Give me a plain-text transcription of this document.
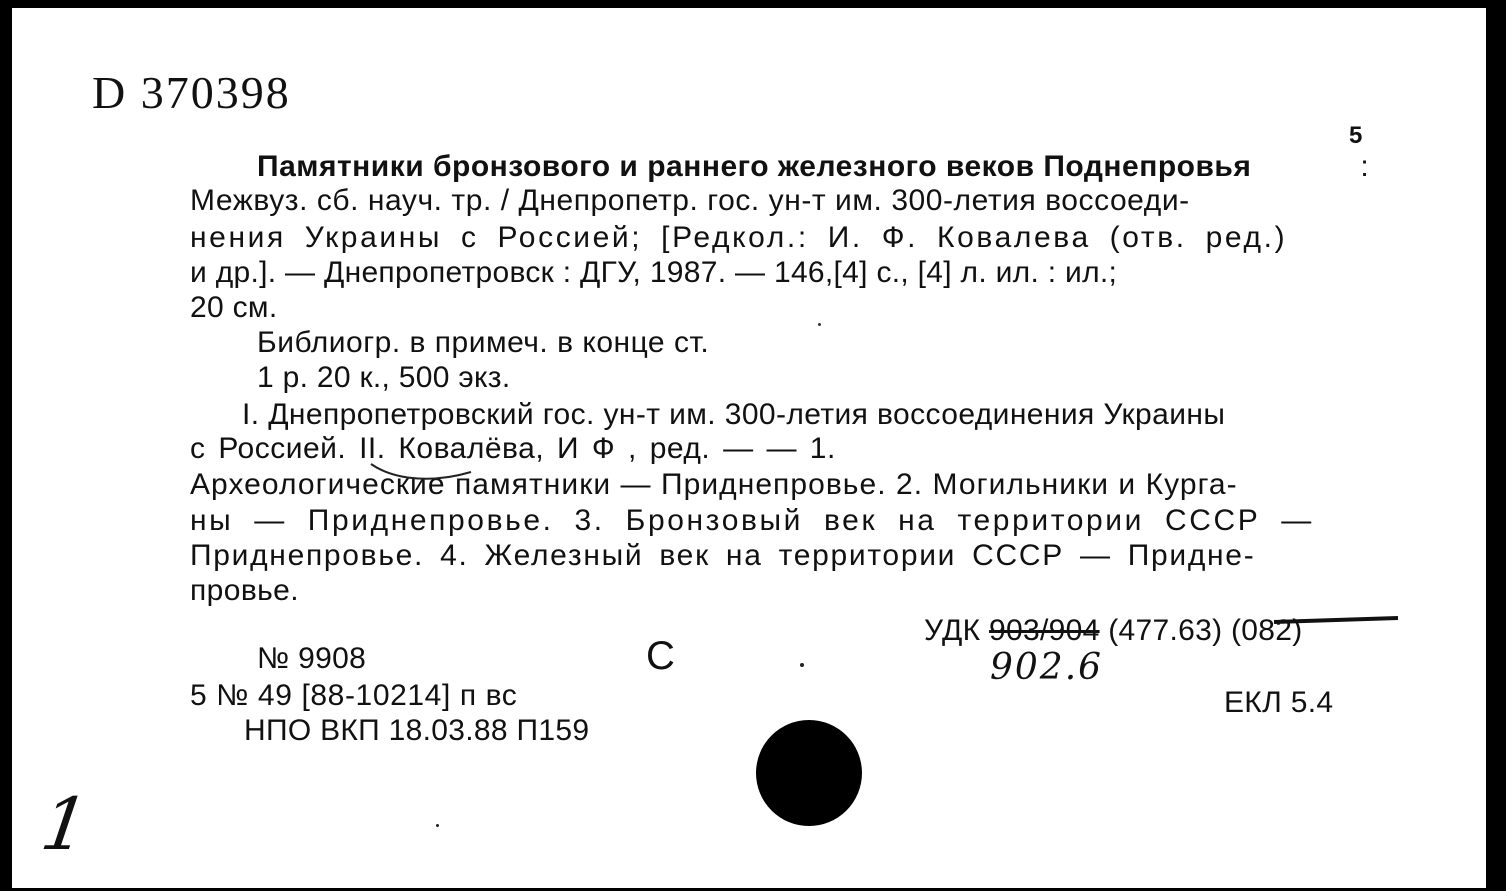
D 370398
5
Памятники бронзового и раннего железного веков Поднепровья	:
Межвуз. сб. науч. тр. / Днепропетр. гос. ун-т им. 300-летия воссоеди-
нения Украины с Россией; [Редкол.: И. Ф. Ковалева (отв. ред.)
и др.]. — Днепропетровск : ДГУ, 1987. — 146,[4] с., [4] л. ил. : ил.;
20 см.
Библиогр. в примеч. в конце ст.
1 р. 20 к., 500 экз.
I. Днепропетровский гос. ун-т им. 300-летия воссоединения Украины
с Россией. II. Ковалёва, И Ф , ред. — — 1.
Археологические памятники — Приднепровье. 2. Могильники и Курга-
ны — Приднепровье. 3. Бронзовый век на территории СССР —
Приднепровье. 4. Железный век на территории СССР — Придне-
провье.
УДК 903/904 (477.63) (082)
902.6
С
№ 9908
5 № 49 [88-10214] п вс
НПО ВКП 18.03.88 П159
ЕКЛ 5.4
1
